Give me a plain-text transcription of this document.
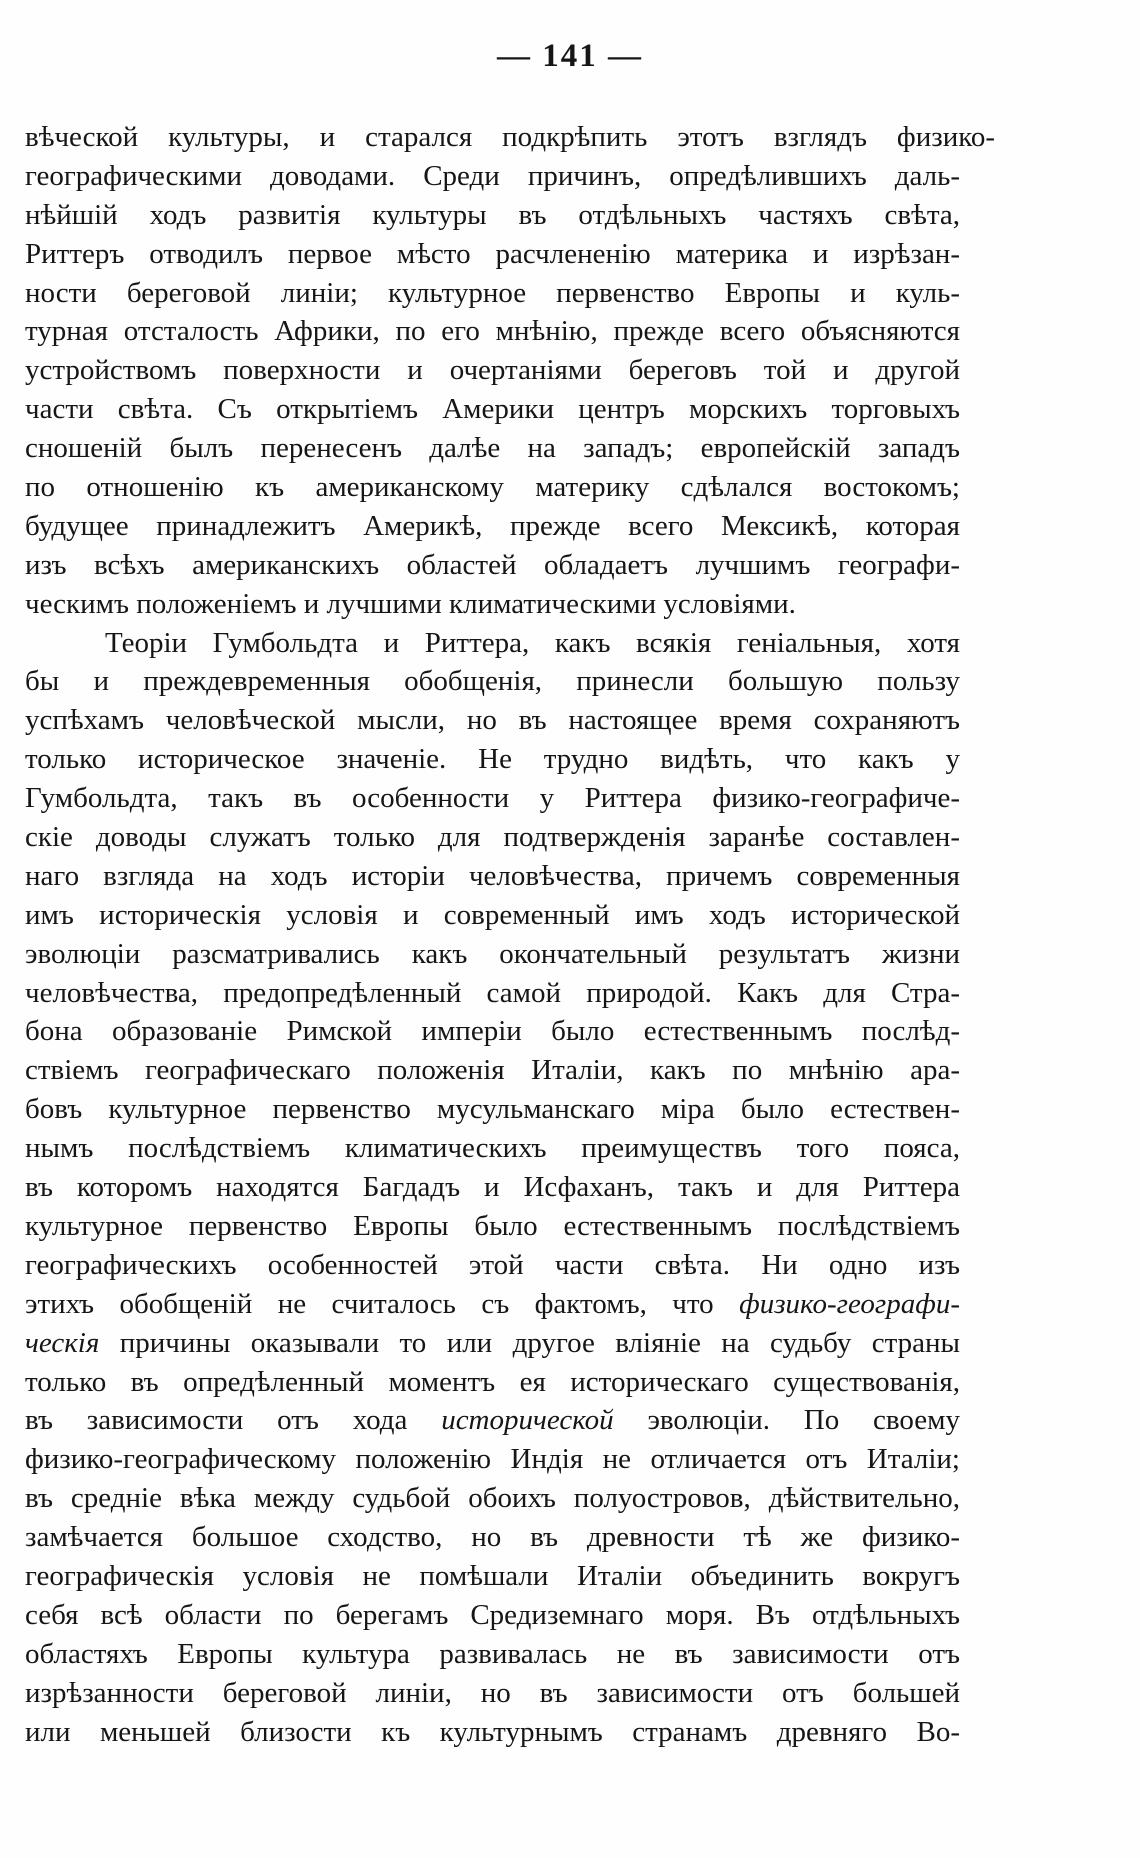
— 141 —
вѣческой культуры, и старался подкрѣпить этотъ взглядъ физико-
географическими доводами. Среди причинъ, опредѣлившихъ даль-
нѣйшій ходъ развитія культуры въ отдѣльныхъ частяхъ свѣта,
Риттеръ отводилъ первое мѣсто расчлененію материка и изрѣзан-
ности береговой линіи; культурное первенство Европы и куль-
турная отсталость Африки, по его мнѣнію, прежде всего объясняются
устройствомъ поверхности и очертаніями береговъ той и другой
части свѣта. Съ открытіемъ Америки центръ морскихъ торговыхъ
сношеній былъ перенесенъ далѣе на западъ; европейскій западъ
по отношенію къ американскому материку сдѣлался востокомъ;
будущее принадлежитъ Америкѣ, прежде всего Мексикѣ, которая
изъ всѣхъ американскихъ областей обладаетъ лучшимъ географи-
ческимъ положеніемъ и лучшими климатическими условіями.
Теоріи Гумбольдта и Риттера, какъ всякія геніальныя, хотя
бы и преждевременныя обобщенія, принесли большую пользу
успѣхамъ человѣческой мысли, но въ настоящее время сохраняютъ
только историческое значеніе. Не трудно видѣть, что какъ у
Гумбольдта, такъ въ особенности у Риттера физико-географиче-
скіе доводы служатъ только для подтвержденія заранѣе составлен-
наго взгляда на ходъ исторіи человѣчества, причемъ современныя
имъ историческія условія и современный имъ ходъ исторической
эволюціи разсматривались какъ окончательный результатъ жизни
человѣчества, предопредѣленный самой природой. Какъ для Стра-
бона образованіе Римской имперіи было естественнымъ послѣд-
ствіемъ географическаго положенія Италіи, какъ по мнѣнію ара-
бовъ культурное первенство мусульманскаго міра было естествен-
нымъ послѣдствіемъ климатическихъ преимуществъ того пояса,
въ которомъ находятся Багдадъ и Исфаханъ, такъ и для Риттера
культурное первенство Европы было естественнымъ послѣдствіемъ
географическихъ особенностей этой части свѣта. Ни одно изъ
этихъ обобщеній не считалось съ фактомъ, что физико-географи-
ческія причины оказывали то или другое вліяніе на судьбу страны
только въ опредѣленный моментъ ея историческаго существованія,
въ зависимости отъ хода исторической эволюціи. По своему
физико-географическому положенію Индія не отличается отъ Италіи;
въ средніе вѣка между судьбой обоихъ полуостровов, дѣйствительно,
замѣчается большое сходство, но въ древности тѣ же физико-
географическія условія не помѣшали Италіи объединить вокругъ
себя всѣ области по берегамъ Средиземнаго моря. Въ отдѣльныхъ
областяхъ Европы культура развивалась не въ зависимости отъ
изрѣзанности береговой линіи, но въ зависимости отъ большей
или меньшей близости къ культурнымъ странамъ древняго Во-
